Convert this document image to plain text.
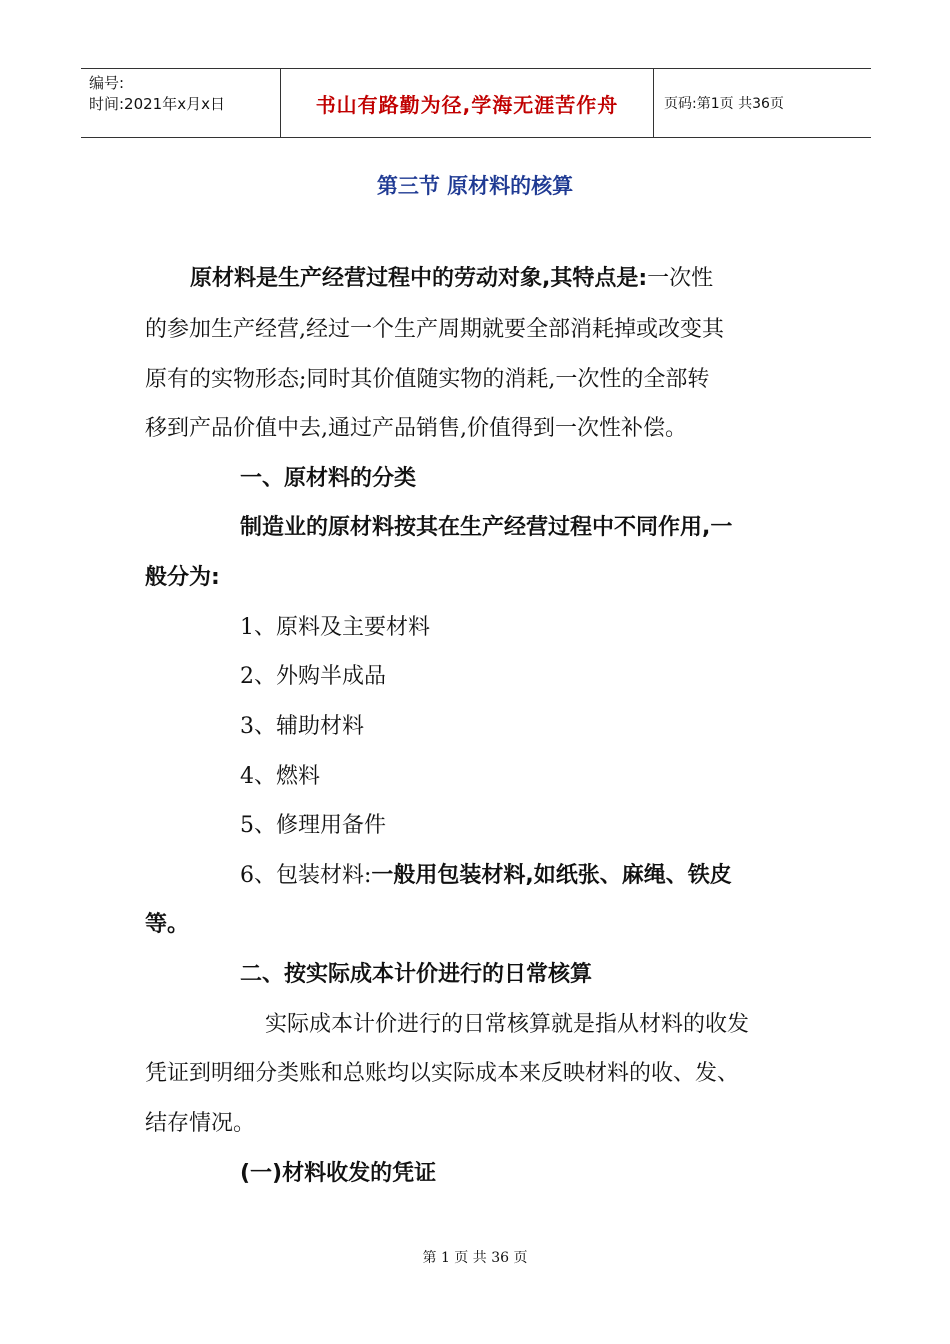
编号:
时间:2021年x月x日	书山有路勤为径,学海无涯苦作舟	页码:第1页 共36页
第三节 原材料的核算
原材料是生产经营过程中的劳动对象,其特点是:一次性
的参加生产经营,经过一个生产周期就要全部消耗掉或改变其
原有的实物形态;同时其价值随实物的消耗,一次性的全部转
移到产品价值中去,通过产品销售,价值得到一次性补偿。
一、原材料的分类
制造业的原材料按其在生产经营过程中不同作用,一
般分为:
1、原料及主要材料
2、外购半成品
3、辅助材料
4、燃料
5、修理用备件
6、包装材料:一般用包装材料,如纸张、麻绳、铁皮
等。
二、按实际成本计价进行的日常核算
实际成本计价进行的日常核算就是指从材料的收发
凭证到明细分类账和总账均以实际成本来反映材料的收、发、
结存情况。
(一)材料收发的凭证
第 1 页 共 36 页
